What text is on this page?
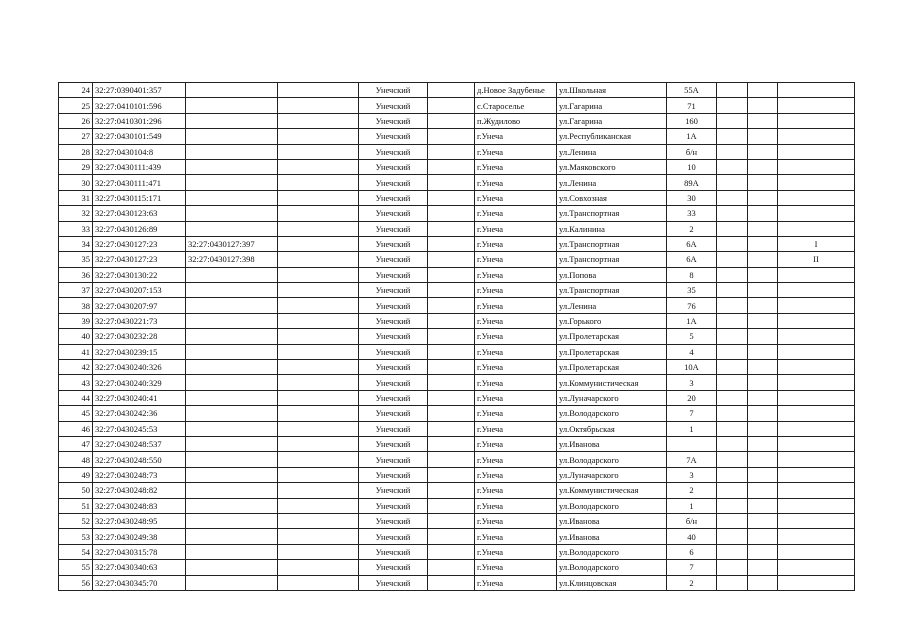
24	32:27:0390401:357			Унечский		д.Новое Задубенье	ул.Школьная	55А			
25	32:27:0410101:596			Унечский		с.Староселье	ул.Гагарина	71			
26	32:27:0410301:296			Унечский		п.Жудилово	ул.Гагарина	160			
27	32:27:0430101:549			Унечский		г.Унеча	ул.Республиканская	1А			
28	32:27:0430104:8			Унечский		г.Унеча	ул.Ленина	б/н			
29	32:27:0430111:439			Унечский		г.Унеча	ул.Маяковского	10			
30	32:27:0430111:471			Унечский		г.Унеча	ул.Ленина	89А			
31	32:27:0430115:171			Унечский		г.Унеча	ул.Совхозная	30			
32	32:27:0430123:63			Унечский		г.Унеча	ул.Транспортная	33			
33	32:27:0430126:89			Унечский		г.Унеча	ул.Калинина	2			
34	32:27:0430127:23	32:27:0430127:397		Унечский		г.Унеча	ул.Транспортная	6А			I
35	32:27:0430127:23	32:27:0430127:398		Унечский		г.Унеча	ул.Транспортная	6А			II
36	32:27:0430130:22			Унечский		г.Унеча	ул.Попова	8			
37	32:27:0430207:153			Унечский		г.Унеча	ул.Транспортная	35			
38	32:27:0430207:97			Унечский		г.Унеча	ул.Ленина	76			
39	32:27:0430221:73			Унечский		г.Унеча	ул.Горького	1А			
40	32:27:0430232:28			Унечский		г.Унеча	ул.Пролетарская	5			
41	32:27:0430239:15			Унечский		г.Унеча	ул.Пролетарская	4			
42	32:27:0430240:326			Унечский		г.Унеча	ул.Пролетарская	10А			
43	32:27:0430240:329			Унечский		г.Унеча	ул.Коммунистическая	3			
44	32:27:0430240:41			Унечский		г.Унеча	ул.Луначарского	20			
45	32:27:0430242:36			Унечский		г.Унеча	ул.Володарского	7			
46	32:27:0430245:53			Унечский		г.Унеча	ул.Октябрьская	1			
47	32:27:0430248:537			Унечский		г.Унеча	ул.Иванова				
48	32:27:0430248:550			Унечский		г.Унеча	ул.Володарского	7А			
49	32:27:0430248:73			Унечский		г.Унеча	ул.Луначарского	3			
50	32:27:0430248:82			Унечский		г.Унеча	ул.Коммунистическая	2			
51	32:27:0430248:83			Унечский		г.Унеча	ул.Володарского	1			
52	32:27:0430248:95			Унечский		г.Унеча	ул.Иванова	б/н			
53	32:27:0430249:38			Унечский		г.Унеча	ул.Иванова	40			
54	32:27:0430315:78			Унечский		г.Унеча	ул.Володарского	6			
55	32:27:0430340:63			Унечский		г.Унеча	ул.Володарского	7			
56	32:27:0430345:70			Унечский		г.Унеча	ул.Клинцовская	2			
